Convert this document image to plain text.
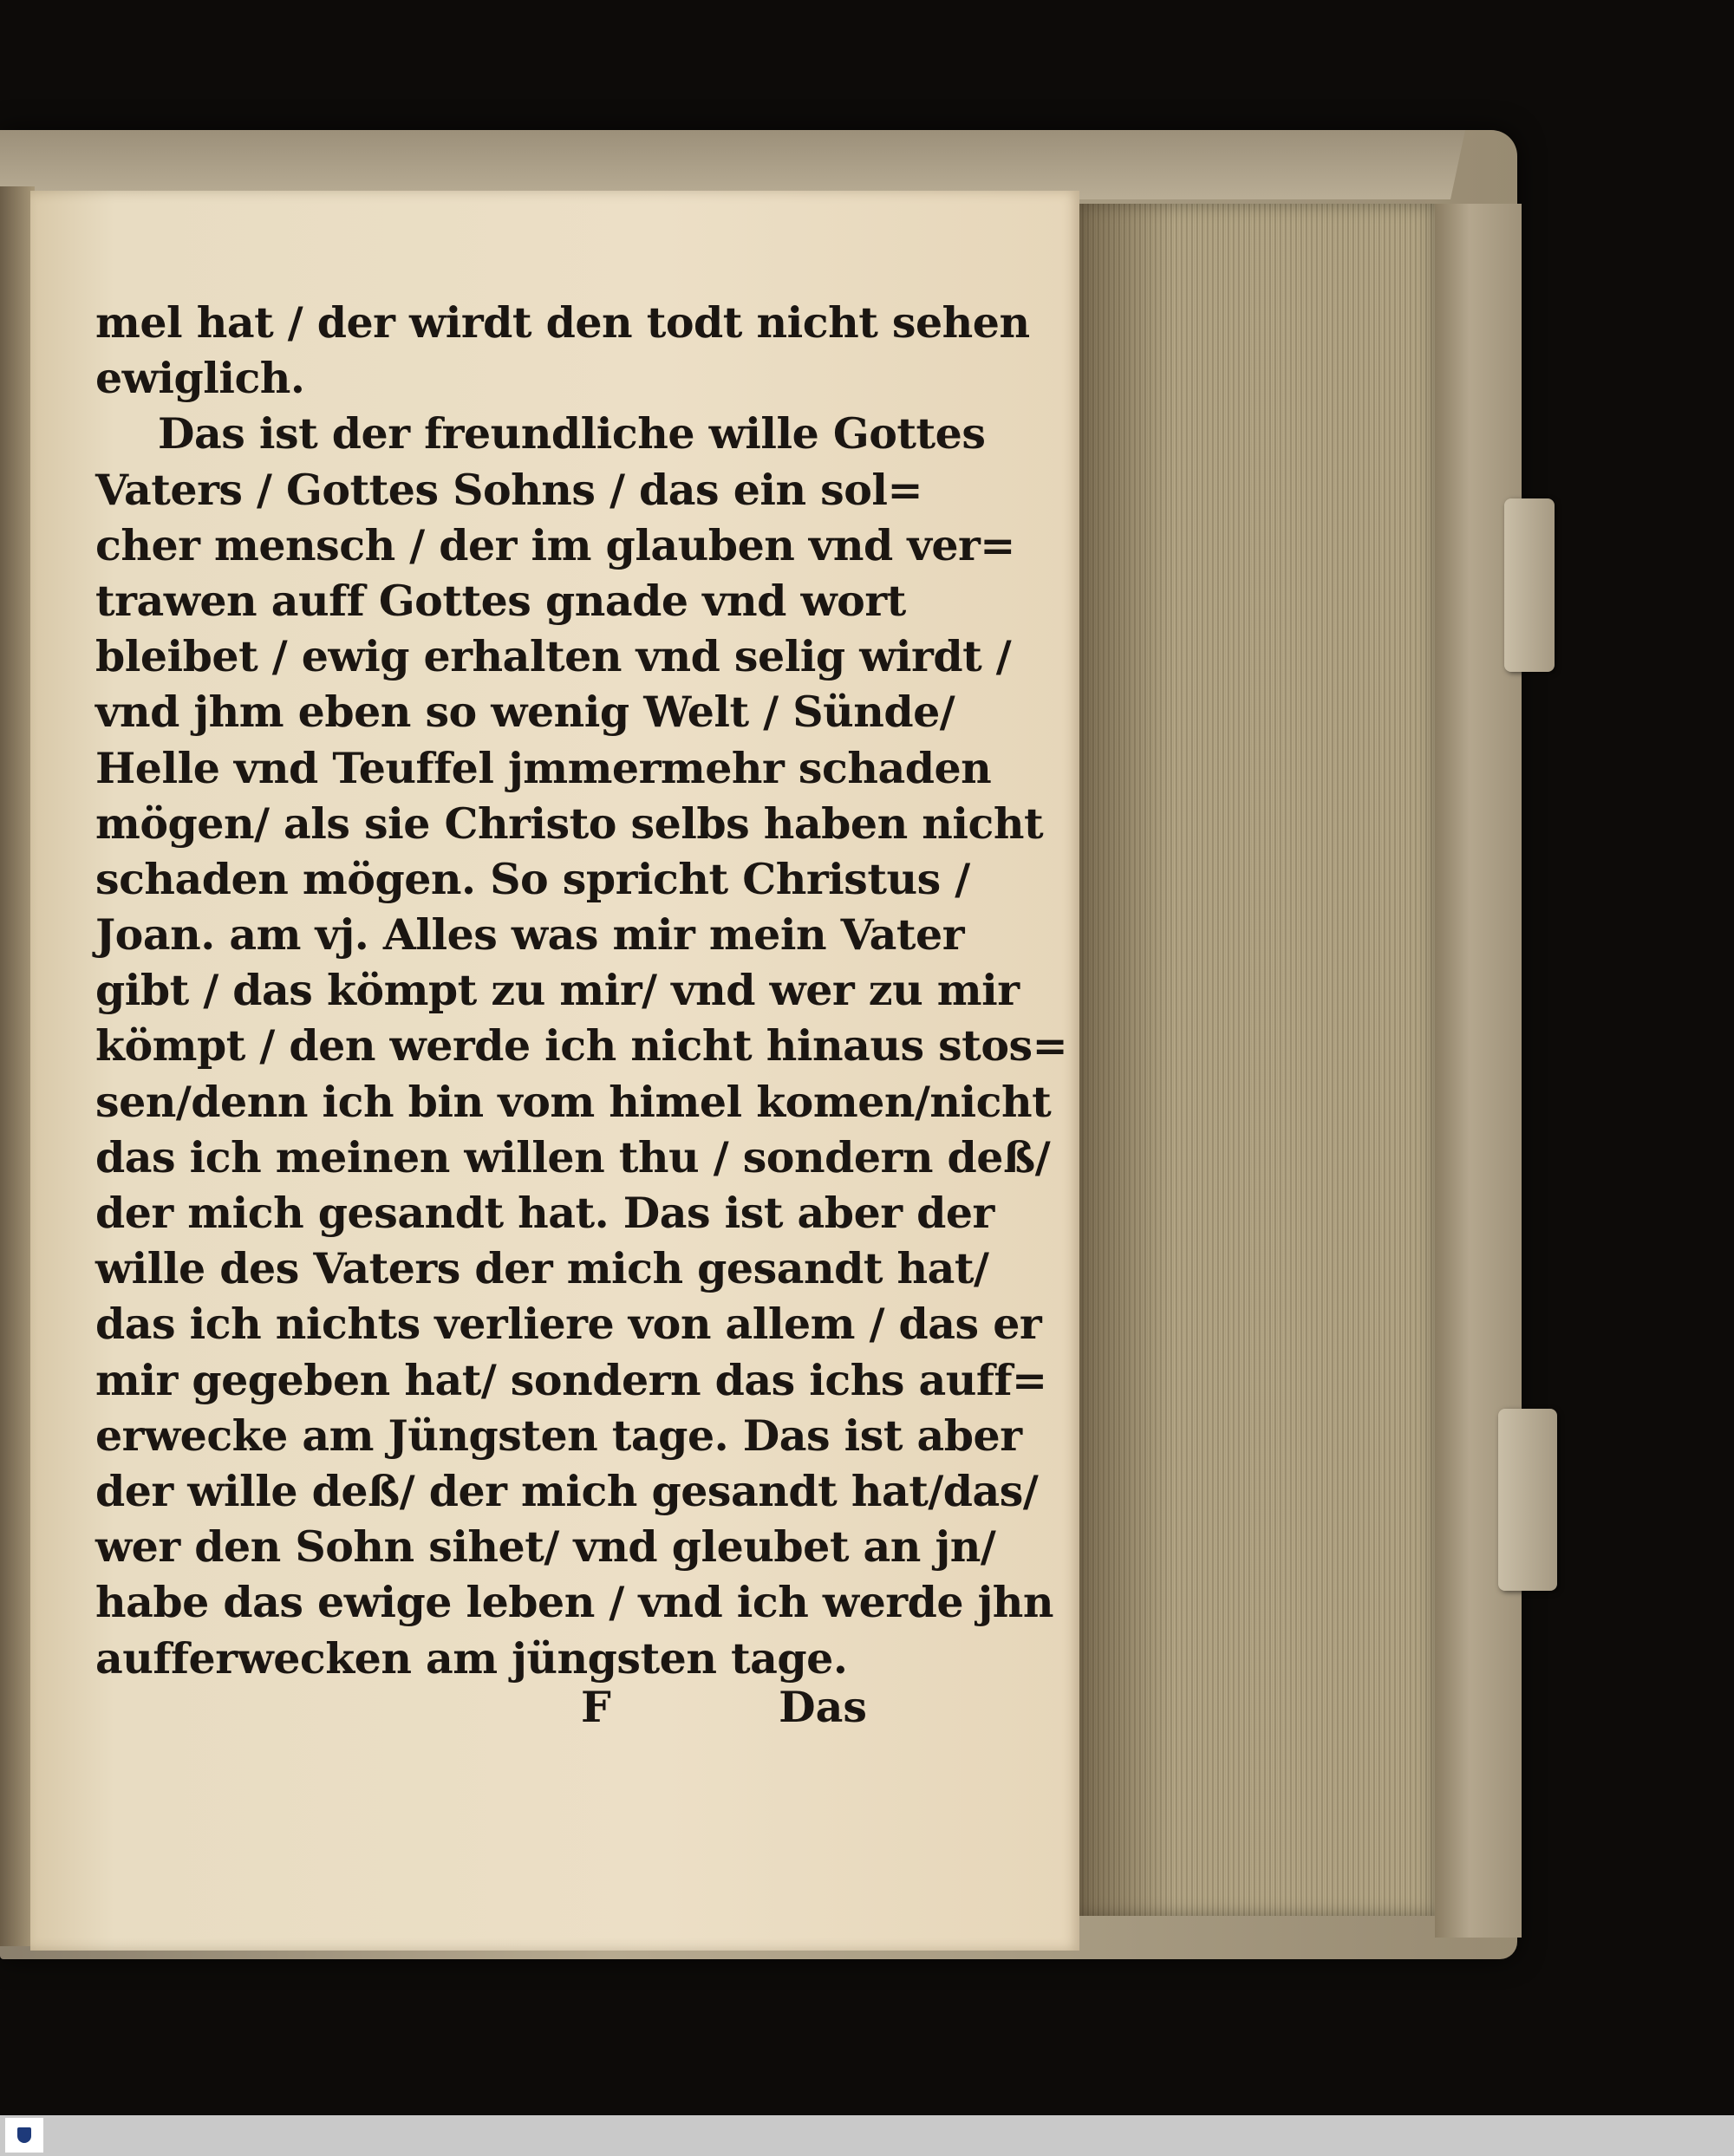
mel hat / der wirdt den todt nicht sehen
ewiglich.
Das ist der freundliche wille Gottes
Vaters / Gottes Sohns / das ein sol=
cher mensch / der im glauben vnd ver=
trawen auff Gottes gnade vnd wort
bleibet / ewig erhalten vnd selig wirdt /
vnd jhm eben so wenig Welt / Sünde/
Helle vnd Teuffel jmmermehr schaden
mögen/ als sie Christo selbs haben nicht
schaden mögen. So spricht Christus /
Joan. am vj. Alles was mir mein Vater
gibt / das kömpt zu mir/ vnd wer zu mir
kömpt / den werde ich nicht hinaus stos=
sen/denn ich bin vom himel komen/nicht
das ich meinen willen thu / sondern deß/
der mich gesandt hat. Das ist aber der
wille des Vaters der mich gesandt hat/
das ich nichts verliere von allem / das er
mir gegeben hat/ sondern das ichs auff=
erwecke am Jüngsten tage. Das ist aber
der wille deß/ der mich gesandt hat/das/
wer den Sohn sihet/ vnd gleubet an jn/
habe das ewige leben / vnd ich werde jhn
aufferwecken am jüngsten tage.
F	Das
